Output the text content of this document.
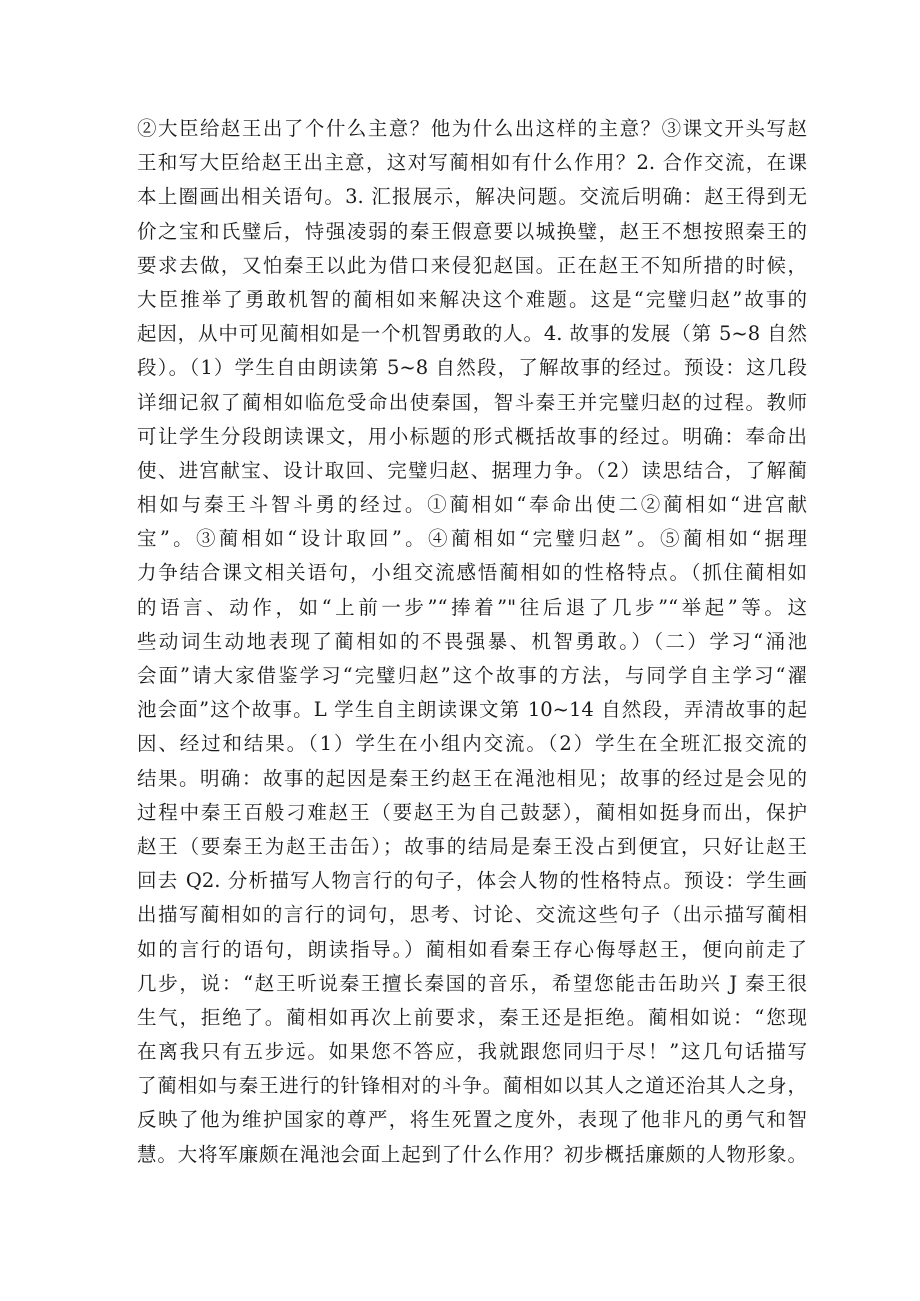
②大臣给赵王出了个什么主意？他为什么出这样的主意？③课文开头写赵
王和写大臣给赵王出主意，这对写蔺相如有什么作用？2. 合作交流，在课
本上圈画出相关语句。3. 汇报展示，解决问题。交流后明确：赵王得到无
价之宝和氏璧后，恃强凌弱的秦王假意要以城换璧，赵王不想按照秦王的
要求去做，又怕秦王以此为借口来侵犯赵国。正在赵王不知所措的时候，
大臣推举了勇敢机智的蔺相如来解决这个难题。这是“完璧归赵”故事的
起因，从中可见蔺相如是一个机智勇敢的人。4. 故事的发展（第 5~8 自然
段）。（1）学生自由朗读第 5~8 自然段，了解故事的经过。预设：这几段
详细记叙了蔺相如临危受命出使秦国，智斗秦王并完璧归赵的过程。教师
可让学生分段朗读课文，用小标题的形式概括故事的经过。明确：奉命出
使、进宫献宝、设计取回、完璧归赵、据理力争。（2）读思结合，了解蔺
相如与秦王斗智斗勇的经过。①蔺相如“奉命出使二②蔺相如“进宫献
宝”。③蔺相如“设计取回”。④蔺相如“完璧归赵”。⑤蔺相如“据理
力争结合课文相关语句，小组交流感悟蔺相如的性格特点。（抓住蔺相如
的语言、动作，如“上前一步”“捧着”"往后退了几步”“举起”等。这
些动词生动地表现了蔺相如的不畏强暴、机智勇敢。）（二）学习“涌池
会面”请大家借鉴学习“完璧归赵”这个故事的方法，与同学自主学习“濯
池会面”这个故事。L 学生自主朗读课文第 10~14 自然段，弄清故事的起
因、经过和结果。（1）学生在小组内交流。（2）学生在全班汇报交流的
结果。明确：故事的起因是秦王约赵王在渑池相见；故事的经过是会见的
过程中秦王百般刁难赵王（要赵王为自己鼓瑟），蔺相如挺身而出，保护
赵王（要秦王为赵王击缶）；故事的结局是秦王没占到便宜，只好让赵王
回去 Q2. 分析描写人物言行的句子，体会人物的性格特点。预设：学生画
出描写蔺相如的言行的词句，思考、讨论、交流这些句子（出示描写蔺相
如的言行的语句，朗读指导。）蔺相如看秦王存心侮辱赵王，便向前走了
几步，说：“赵王听说秦王擅长秦国的音乐，希望您能击缶助兴 J 秦王很
生气，拒绝了。蔺相如再次上前要求，秦王还是拒绝。蔺相如说：“您现
在离我只有五步远。如果您不答应，我就跟您同归于尽！”这几句话描写
了蔺相如与秦王进行的针锋相对的斗争。蔺相如以其人之道还治其人之身，
反映了他为维护国家的尊严，将生死置之度外，表现了他非凡的勇气和智
慧。大将军廉颇在渑池会面上起到了什么作用？初步概括廉颇的人物形象。
